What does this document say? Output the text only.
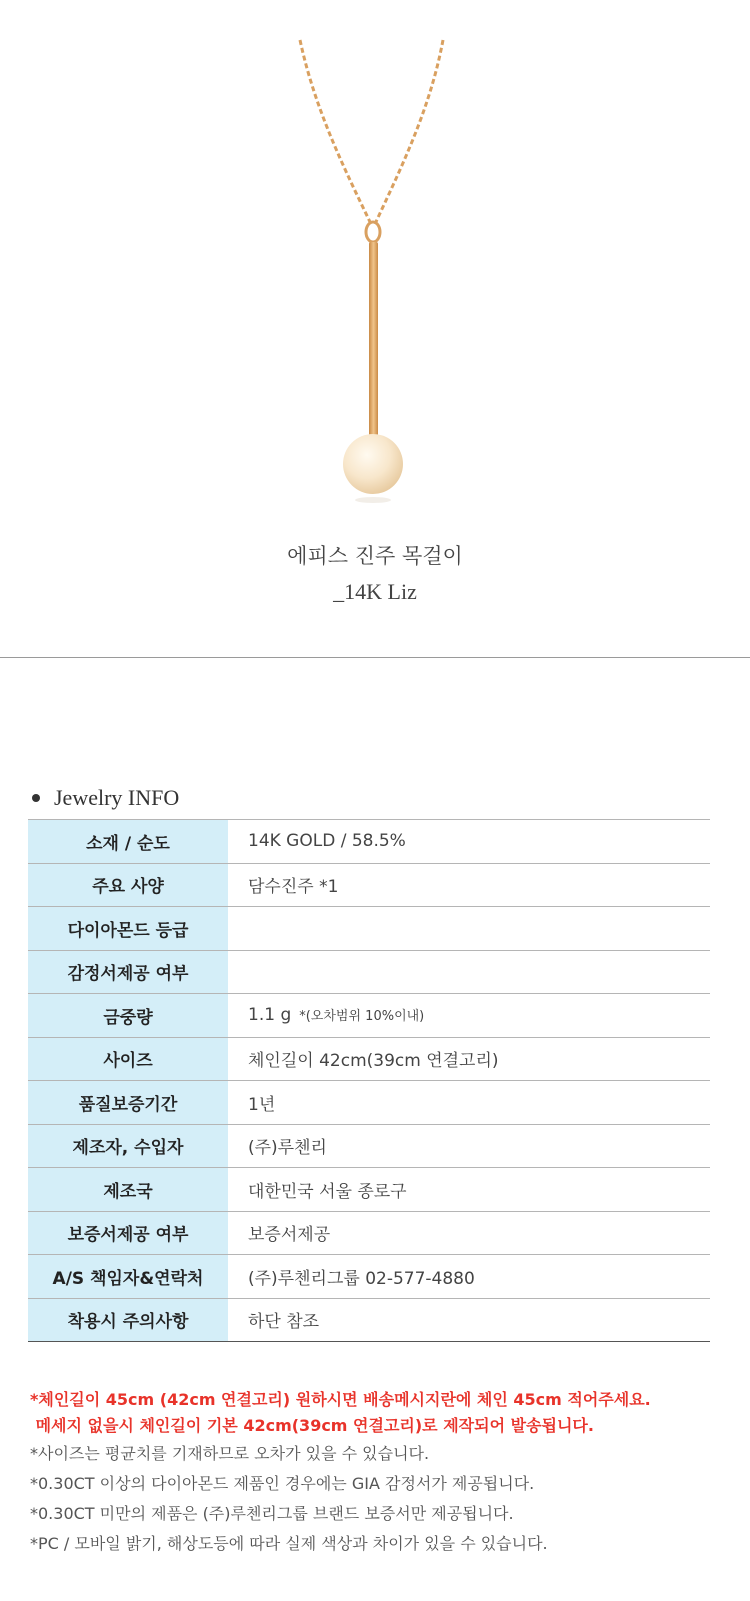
에피스 진주 목걸이
_14K Liz
Jewelry INFO
소재 / 순도	14K GOLD / 58.5%
주요 사양	담수진주 *1
다이아몬드 등급	
감정서제공 여부	
금중량	1.1 g *(오차범위 10%이내)
사이즈	체인길이 42cm(39cm 연결고리)
품질보증기간	1년
제조자, 수입자	(주)루첸리
제조국	대한민국 서울 종로구
보증서제공 여부	보증서제공
A/S 책임자&연락처	(주)루첸리그룹 02-577-4880
착용시 주의사항	하단 참조
*체인길이 45cm (42cm 연결고리) 원하시면 배송메시지란에 체인 45cm 적어주세요.
메세지 없을시 체인길이 기본 42cm(39cm 연결고리)로 제작되어 발송됩니다.
*사이즈는 평균치를 기재하므로 오차가 있을 수 있습니다.
*0.30CT 이상의 다이아몬드 제품인 경우에는 GIA 감정서가 제공됩니다.
*0.30CT 미만의 제품은 (주)루첸리그룹 브랜드 보증서만 제공됩니다.
*PC / 모바일 밝기, 해상도등에 따라 실제 색상과 차이가 있을 수 있습니다.
